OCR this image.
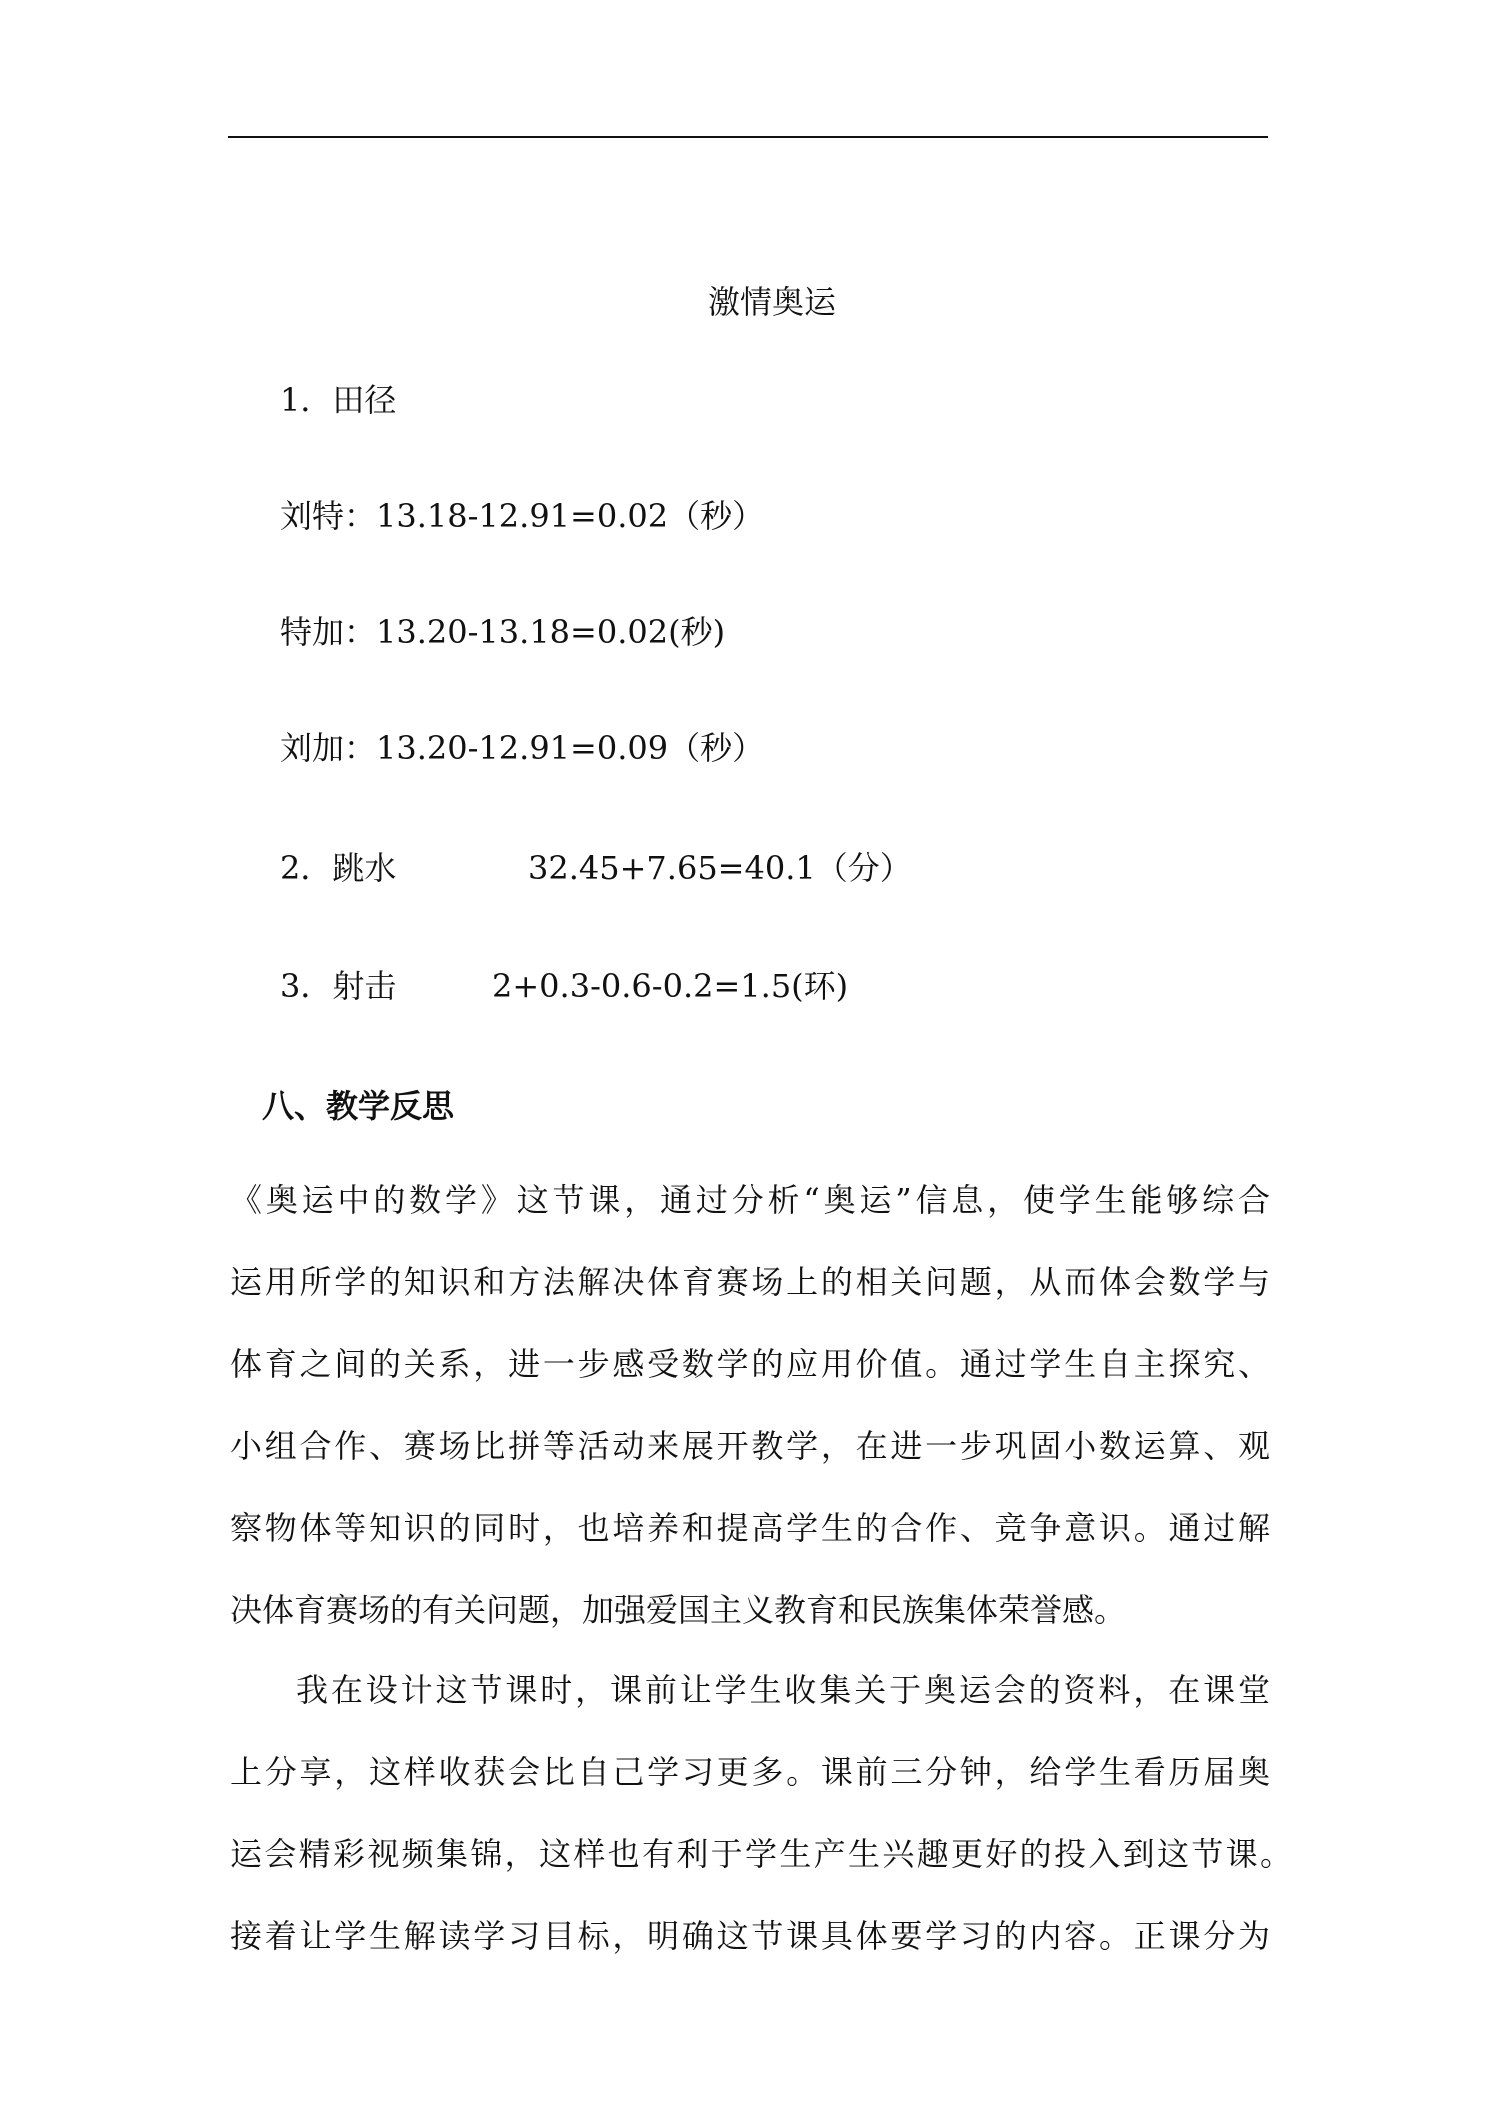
激情奥运
1．田径
刘特：13.18-12.91=0.02（秒）
特加：13.20-13.18=0.02(秒)
刘加：13.20-12.91=0.09（秒）
2．跳水	32.45+7.65=40.1（分）
3．射击	2+0.3-0.6-0.2=1.5(环)
八、教学反思
《奥运中的数学》这节课，通过分析“奥运”信息，使学生能够综合
运用所学的知识和方法解决体育赛场上的相关问题，从而体会数学与
体育之间的关系，进一步感受数学的应用价值。通过学生自主探究、
小组合作、赛场比拼等活动来展开教学，在进一步巩固小数运算、观
察物体等知识的同时，也培养和提高学生的合作、竞争意识。通过解
决体育赛场的有关问题，加强爱国主义教育和民族集体荣誉感。
我在设计这节课时，课前让学生收集关于奥运会的资料，在课堂
上分享，这样收获会比自己学习更多。课前三分钟，给学生看历届奥
运会精彩视频集锦，这样也有利于学生产生兴趣更好的投入到这节课。
接着让学生解读学习目标，明确这节课具体要学习的内容。正课分为
